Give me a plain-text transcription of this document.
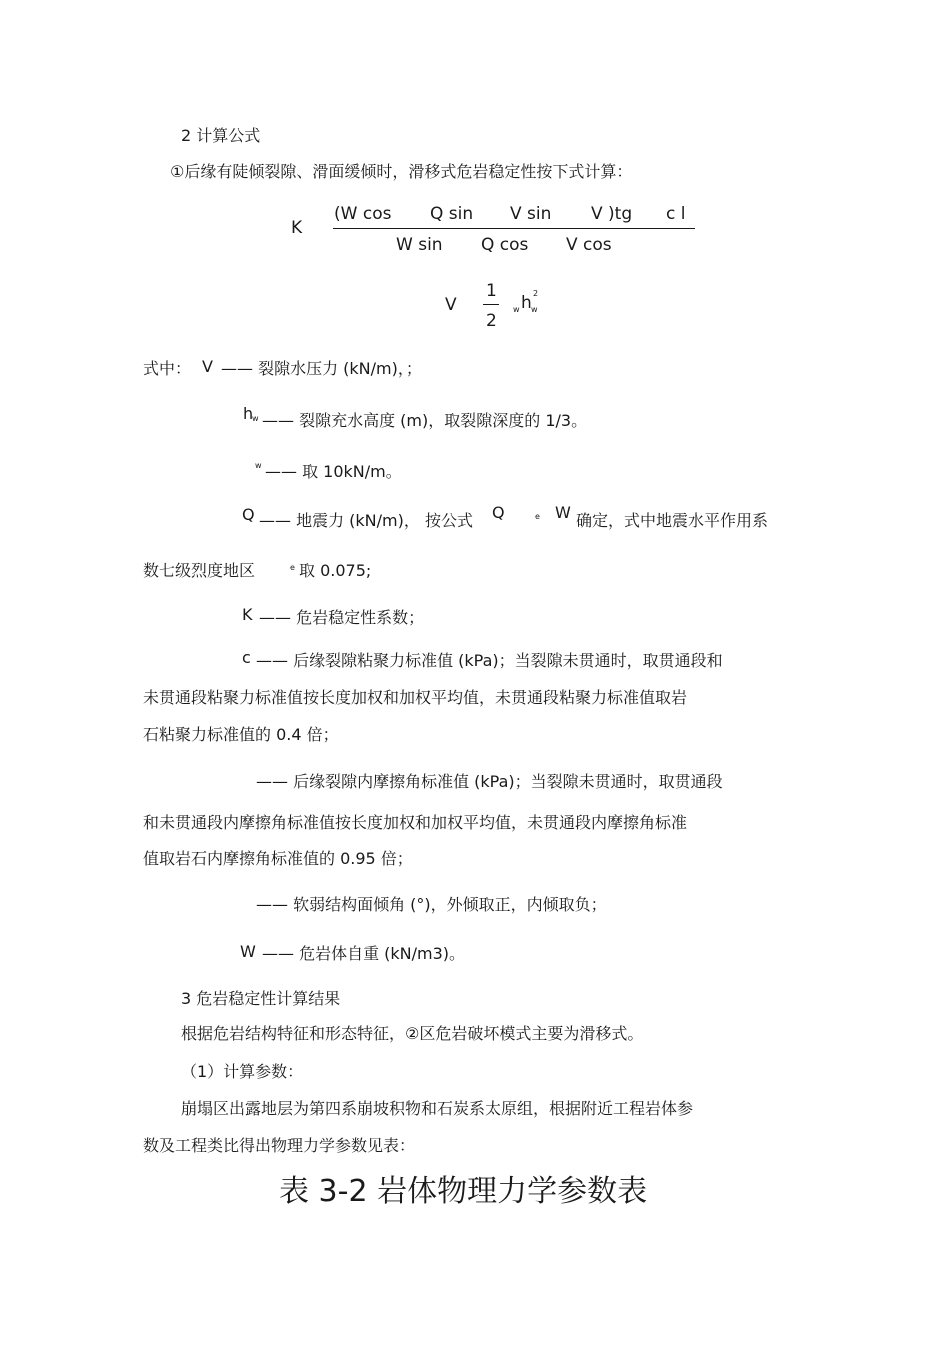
2 计算公式
①后缘有陡倾裂隙、滑面缓倾时，滑移式危岩稳定性按下式计算：
K
(W cos Q sin V sin V )tg c l
W sin Q cos V cos
V
1
2
w h w
2
式中： V —— 裂隙水压力 (kN/m)，；
h
w —— 裂隙充水高度 (m)，取裂隙深度的 1/3。
w —— 取 10kN/m。
Q —— 地震力 (kN/m)， 按公式 Q	e W 确定，式中地震水平作用系
数七级烈度地区	e 取 0.075;
K —— 危岩稳定性系数；
c —— 后缘裂隙粘聚力标准值 (kPa)；当裂隙未贯通时，取贯通段和
未贯通段粘聚力标准值按长度加权和加权平均值，未贯通段粘聚力标准值取岩
石粘聚力标准值的 0.4 倍；
—— 后缘裂隙内摩擦角标准值 (kPa)；当裂隙未贯通时，取贯通段
和未贯通段内摩擦角标准值按长度加权和加权平均值，未贯通段内摩擦角标准
值取岩石内摩擦角标准值的 0.95 倍；
—— 软弱结构面倾角 (°)，外倾取正，内倾取负；
W —— 危岩体自重 (kN/m3)。
3 危岩稳定性计算结果
根据危岩结构特征和形态特征，②区危岩破坏模式主要为滑移式。
（1）计算参数：
崩塌区出露地层为第四系崩坡积物和石炭系太原组，根据附近工程岩体参
数及工程类比得出物理力学参数见表：
表 3-2 岩体物理力学参数表
